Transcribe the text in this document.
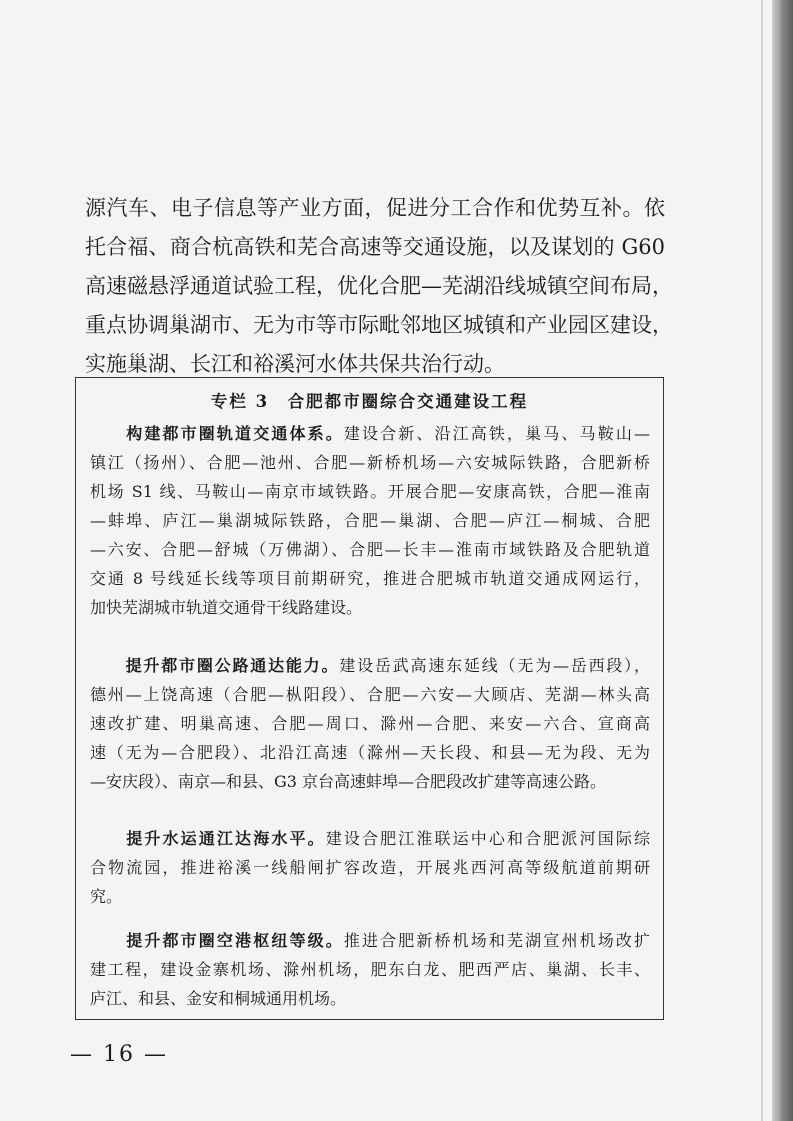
源汽车、电子信息等产业方面，促进分工合作和优势互补。依
托合福、商合杭高铁和芜合高速等交通设施，以及谋划的 G60
高速磁悬浮通道试验工程，优化合肥—芜湖沿线城镇空间布局，
重点协调巢湖市、无为市等市际毗邻地区城镇和产业园区建设，
实施巢湖、长江和裕溪河水体共保共治行动。

专栏 3　合肥都市圈综合交通建设工程

　　构建都市圈轨道交通体系。建设合新、沿江高铁，巢马、马鞍山—
镇江（扬州）、合肥—池州、合肥—新桥机场—六安城际铁路，合肥新桥
机场 S1 线、马鞍山—南京市域铁路。开展合肥—安康高铁，合肥—淮南
—蚌埠、庐江—巢湖城际铁路，合肥—巢湖、合肥—庐江—桐城、合肥
—六安、合肥—舒城（万佛湖）、合肥—长丰—淮南市域铁路及合肥轨道
交通 8 号线延长线等项目前期研究，推进合肥城市轨道交通成网运行，
加快芜湖城市轨道交通骨干线路建设。
　　提升都市圈公路通达能力。建设岳武高速东延线（无为—岳西段），
德州—上饶高速（合肥—枞阳段）、合肥—六安—大顾店、芜湖—林头高
速改扩建、明巢高速、合肥—周口、滁州—合肥、来安—六合、宣商高
速（无为—合肥段）、北沿江高速（滁州—天长段、和县—无为段、无为
—安庆段）、南京—和县、G3 京台高速蚌埠—合肥段改扩建等高速公路。
　　提升水运通江达海水平。建设合肥江淮联运中心和合肥派河国际综
合物流园，推进裕溪一线船闸扩容改造，开展兆西河高等级航道前期研
究。
　　提升都市圈空港枢纽等级。推进合肥新桥机场和芜湖宣州机场改扩
建工程，建设金寨机场、滁州机场，肥东白龙、肥西严店、巢湖、长丰、
庐江、和县、金安和桐城通用机场。

— 16 —
